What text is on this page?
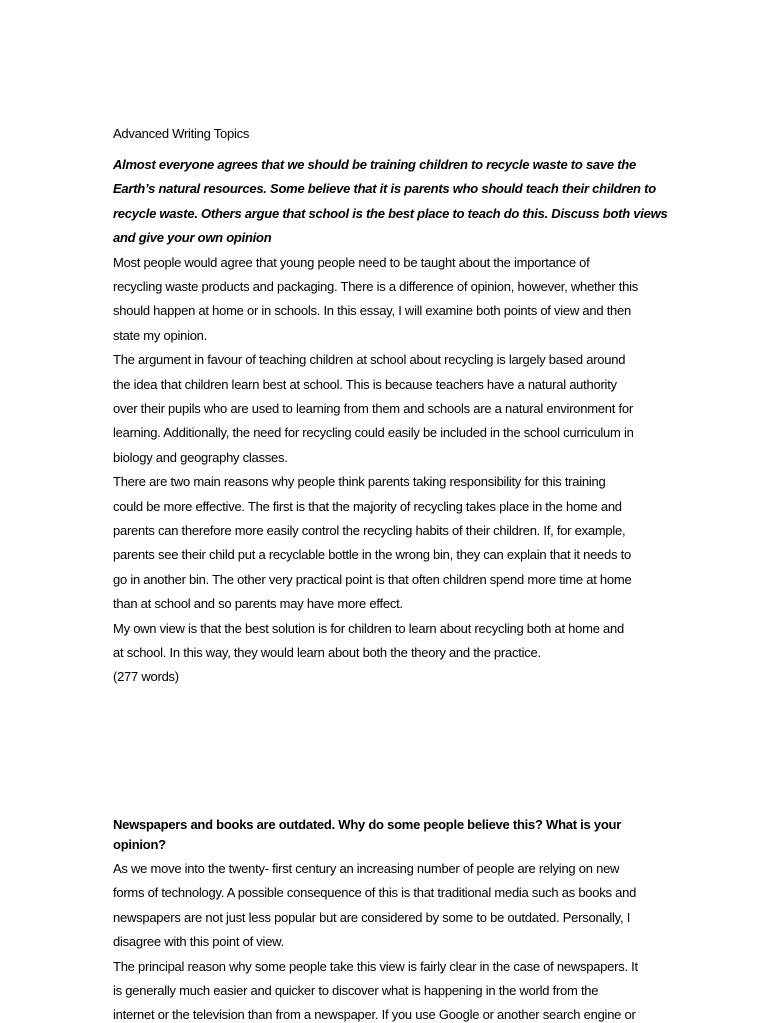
Advanced Writing Topics
Almost everyone agrees that we should be training children to recycle waste to save the
Earth’s natural resources. Some believe that it is parents who should teach their children to
recycle waste. Others argue that school is the best place to teach do this. Discuss both views
and give your own opinion
Most people would agree that young people need to be taught about the importance of
recycling waste products and packaging. There is a difference of opinion, however, whether this
should happen at home or in schools. In this essay, I will examine both points of view and then
state my opinion.
The argument in favour of teaching children at school about recycling is largely based around
the idea that children learn best at school. This is because teachers have a natural authority
over their pupils who are used to learning from them and schools are a natural environment for
learning. Additionally, the need for recycling could easily be included in the school curriculum in
biology and geography classes.
There are two main reasons why people think parents taking responsibility for this training
could be more effective. The first is that the majority of recycling takes place in the home and
parents can therefore more easily control the recycling habits of their children. If, for example,
parents see their child put a recyclable bottle in the wrong bin, they can explain that it needs to
go in another bin. The other very practical point is that often children spend more time at home
than at school and so parents may have more effect.
My own view is that the best solution is for children to learn about recycling both at home and
at school. In this way, they would learn about both the theory and the practice.
(277 words)
Newspapers and books are outdated. Why do some people believe this? What is your
opinion?
As we move into the twenty- first century an increasing number of people are relying on new
forms of technology. A possible consequence of this is that traditional media such as books and
newspapers are not just less popular but are considered by some to be outdated. Personally, I
disagree with this point of view.
The principal reason why some people take this view is fairly clear in the case of newspapers. It
is generally much easier and quicker to discover what is happening in the world from the
internet or the television than from a newspaper. If you use Google or another search engine or
